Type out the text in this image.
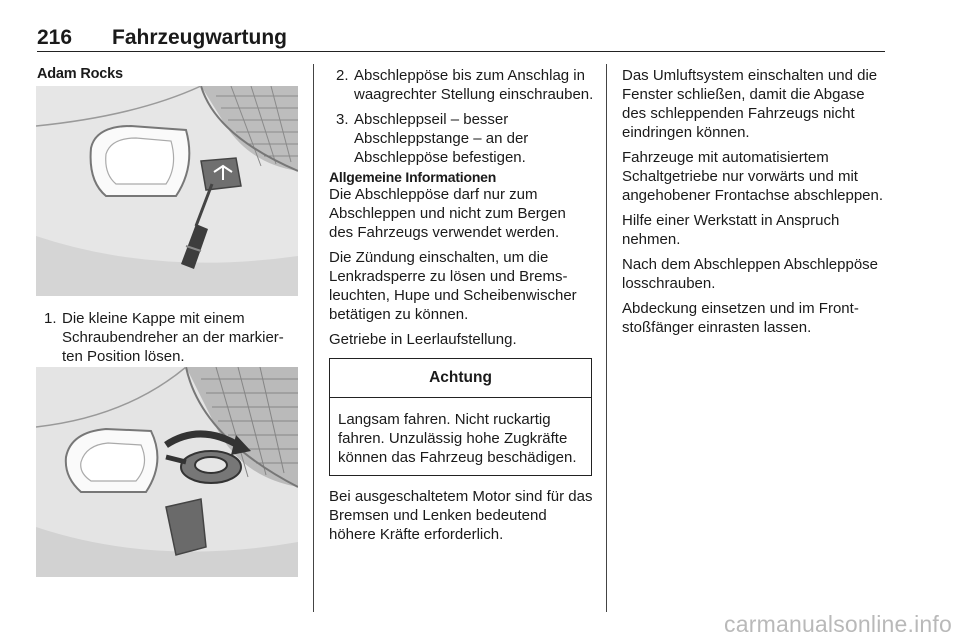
216 Fahrzeugwartung
Adam Rocks
1. Die kleine Kappe mit einem Schraubendreher an der markierten Position lösen.
2. Abschleppöse bis zum Anschlag in waagrechter Stellung einschrauben.
3. Abschleppseil – besser Abschleppstange – an der Abschleppöse befestigen.
Allgemeine Informationen

Die Abschleppöse darf nur zum Abschleppen und nicht zum Bergen des Fahrzeugs verwendet werden.

Die Zündung einschalten, um die Lenkradsperre zu lösen und Bremsleuchten, Hupe und Scheibenwischer betätigen zu können.

Getriebe in Leerlaufstellung.

Achtung
Langsam fahren. Nicht ruckartig fahren. Unzulässig hohe Zugkräfte können das Fahrzeug beschädigen.

Bei ausgeschaltetem Motor sind für das Bremsen und Lenken bedeutend höhere Kräfte erforderlich.

Das Umluftsystem einschalten und die Fenster schließen, damit die Abgase des schleppenden Fahrzeugs nicht eindringen können.

Fahrzeuge mit automatisiertem Schaltgetriebe nur vorwärts und mit angehobener Frontachse abschleppen.

Hilfe einer Werkstatt in Anspruch nehmen.

Nach dem Abschleppen Abschleppöse losschrauben.

Abdeckung einsetzen und im Frontstoßfänger einrasten lassen.

carmanualsonline.info
